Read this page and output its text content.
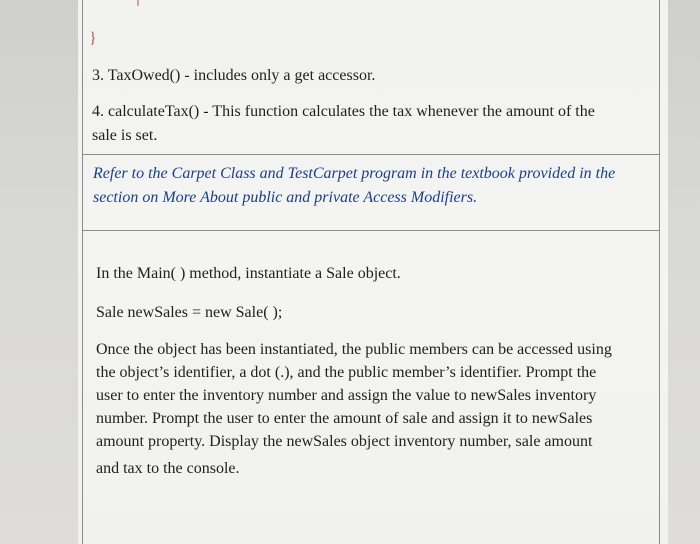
}
3. TaxOwed() - includes only a get accessor.
4. calculateTax() - This function calculates the tax whenever the amount of the
sale is set.
Refer to the Carpet Class and TestCarpet program in the textbook provided in the
section on More About public and private Access Modifiers.
In the Main( ) method, instantiate a Sale object.
Sale newSales = new Sale( );
Once the object has been instantiated, the public members can be accessed using
the object’s identifier, a dot (.), and the public member’s identifier. Prompt the
user to enter the inventory number and assign the value to newSales inventory
number. Prompt the user to enter the amount of sale and assign it to newSales
amount property. Display the newSales object inventory number, sale amount
and tax to the console.
